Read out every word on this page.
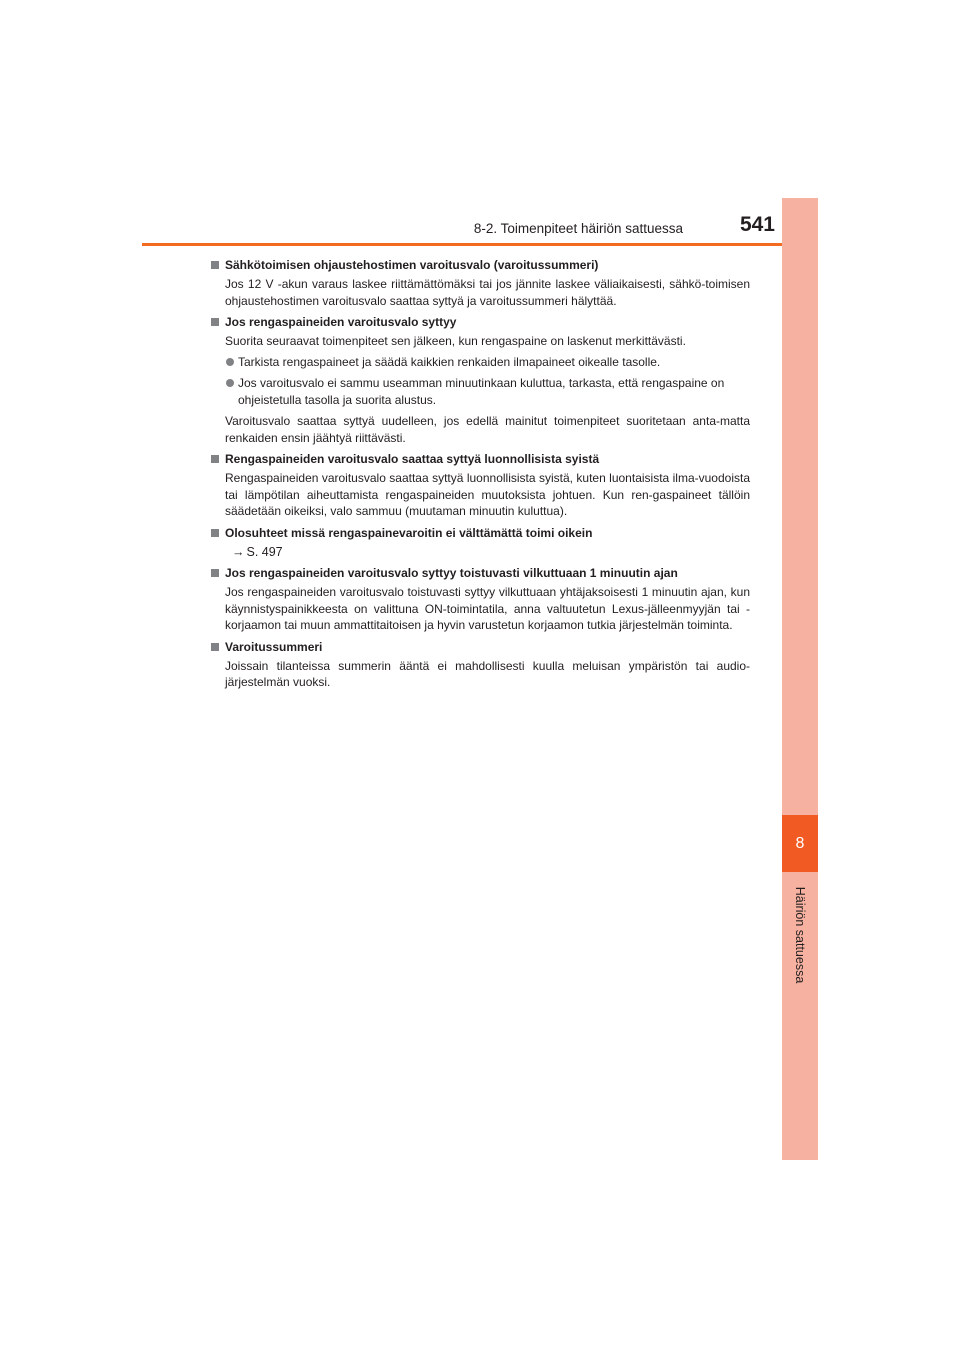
8-2. Toimenpiteet häiriön sattuessa	541
8
Häiriön sattuessa
Sähkötoimisen ohjaustehostimen varoitusvalo (varoitussummeri)
Jos 12 V -akun varaus laskee riittämättömäksi tai jos jännite laskee väliaikaisesti, sähkö-toimisen ohjaustehostimen varoitusvalo saattaa syttyä ja varoitussummeri hälyttää.
Jos rengaspaineiden varoitusvalo syttyy
Suorita seuraavat toimenpiteet sen jälkeen, kun rengaspaine on laskenut merkittävästi.
Tarkista rengaspaineet ja säädä kaikkien renkaiden ilmapaineet oikealle tasolle.
Jos varoitusvalo ei sammu useamman minuutinkaan kuluttua, tarkasta, että rengaspaine on ohjeistetulla tasolla ja suorita alustus.
Varoitusvalo saattaa syttyä uudelleen, jos edellä mainitut toimenpiteet suoritetaan anta-matta renkaiden ensin jäähtyä riittävästi.
Rengaspaineiden varoitusvalo saattaa syttyä luonnollisista syistä
Rengaspaineiden varoitusvalo saattaa syttyä luonnollisista syistä, kuten luontaisista ilma-vuodoista tai lämpötilan aiheuttamista rengaspaineiden muutoksista johtuen. Kun ren-gaspaineet tällöin säädetään oikeiksi, valo sammuu (muutaman minuutin kuluttua).
Olosuhteet missä rengaspainevaroitin ei välttämättä toimi oikein
→ S. 497
Jos rengaspaineiden varoitusvalo syttyy toistuvasti vilkuttuaan 1 minuutin ajan
Jos rengaspaineiden varoitusvalo toistuvasti syttyy vilkuttuaan yhtäjaksoisesti 1 minuutin ajan, kun käynnistyspainikkeesta on valittuna ON-toimintatila, anna valtuutetun Lexus-jälleenmyyjän tai -korjaamon tai muun ammattitaitoisen ja hyvin varustetun korjaamon tutkia järjestelmän toiminta.
Varoitussummeri
Joissain tilanteissa summerin ääntä ei mahdollisesti kuulla meluisan ympäristön tai audio-järjestelmän vuoksi.
